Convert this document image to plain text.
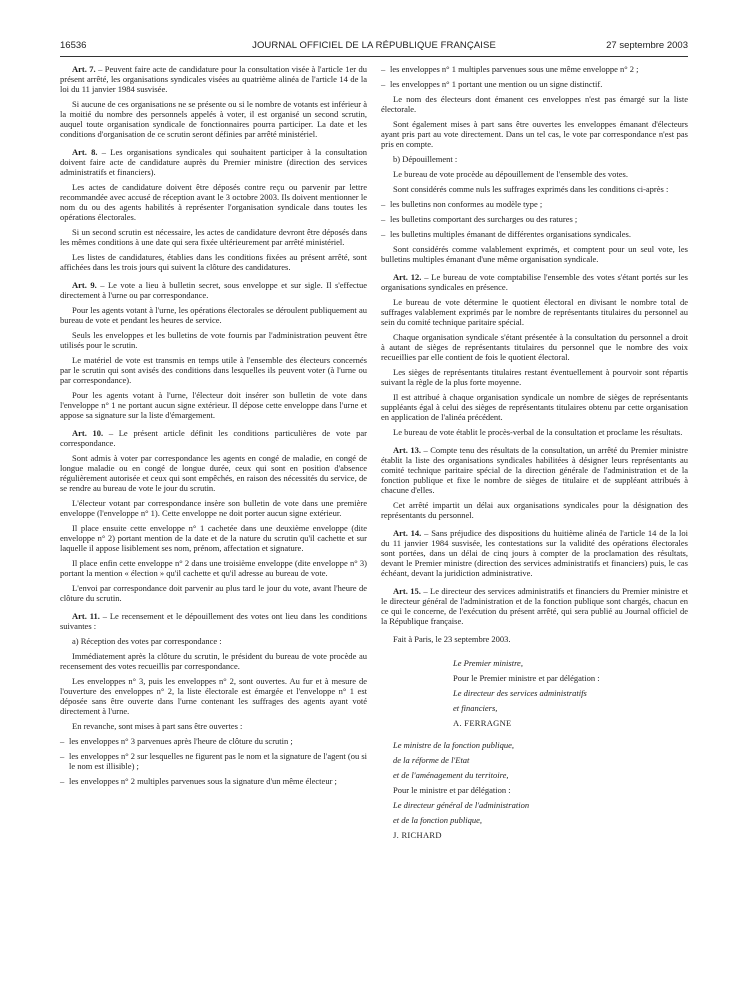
16536	JOURNAL OFFICIEL DE LA RÉPUBLIQUE FRANÇAISE	27 septembre 2003

Art. 7. – Peuvent faire acte de candidature pour la consultation visée à l'article 1er du présent arrêté, les organisations syndicales visées au quatrième alinéa de l'article 14 de la loi du 11 janvier 1984 susvisée.

Si aucune de ces organisations ne se présente ou si le nombre de votants est inférieur à la moitié du nombre des personnels appelés à voter, il est organisé un second scrutin, auquel toute organisation syndicale de fonctionnaires pourra participer. La date et les conditions d'organisation de ce scrutin seront définies par arrêté ministériel.

Art. 8. – Les organisations syndicales qui souhaitent participer à la consultation doivent faire acte de candidature auprès du Premier ministre (direction des services administratifs et financiers).

Les actes de candidature doivent être déposés contre reçu ou parvenir par lettre recommandée avec accusé de réception avant le 3 octobre 2003. Ils doivent mentionner le nom du ou des agents habilités à représenter l'organisation syndicale dans toutes les opérations électorales.

Si un second scrutin est nécessaire, les actes de candidature devront être déposés dans les mêmes conditions à une date qui sera fixée ultérieurement par arrêté ministériel.

Les listes de candidatures, établies dans les conditions fixées au présent arrêté, sont affichées dans les trois jours qui suivent la clôture des candidatures.

Art. 9. – Le vote a lieu à bulletin secret, sous enveloppe et sur sigle. Il s'effectue directement à l'urne ou par correspondance.

Pour les agents votant à l'urne, les opérations électorales se déroulent publiquement au bureau de vote et pendant les heures de service.

Seuls les enveloppes et les bulletins de vote fournis par l'administration peuvent être utilisés pour le scrutin.

Le matériel de vote est transmis en temps utile à l'ensemble des électeurs concernés par le scrutin qui sont avisés des conditions dans lesquelles ils peuvent voter (à l'urne ou par correspondance).

Pour les agents votant à l'urne, l'électeur doit insérer son bulletin de vote dans l'enveloppe n° 1 ne portant aucun signe extérieur. Il dépose cette enveloppe dans l'urne et appose sa signature sur la liste d'émargement.

Art. 10. – Le présent article définit les conditions particulières de vote par correspondance.

Sont admis à voter par correspondance les agents en congé de maladie, en congé de longue maladie ou en congé de longue durée, ceux qui sont en position d'absence régulièrement autorisée et ceux qui sont empêchés, en raison des nécessités du service, de se rendre au bureau de vote le jour du scrutin.

L'électeur votant par correspondance insère son bulletin de vote dans une première enveloppe (l'enveloppe n° 1). Cette enveloppe ne doit porter aucun signe extérieur.

Il place ensuite cette enveloppe n° 1 cachetée dans une deuxième enveloppe (dite enveloppe n° 2) portant mention de la date et de la nature du scrutin qu'il cachette et sur laquelle il appose lisiblement ses nom, prénom, affectation et signature.

Il place enfin cette enveloppe n° 2 dans une troisième enveloppe (dite enveloppe n° 3) portant la mention « élection » qu'il cachette et qu'il adresse au bureau de vote.

L'envoi par correspondance doit parvenir au plus tard le jour du vote, avant l'heure de clôture du scrutin.

Art. 11. – Le recensement et le dépouillement des votes ont lieu dans les conditions suivantes :

a) Réception des votes par correspondance :

Immédiatement après la clôture du scrutin, le président du bureau de vote procède au recensement des votes recueillis par correspondance.

Les enveloppes n° 3, puis les enveloppes n° 2, sont ouvertes. Au fur et à mesure de l'ouverture des enveloppes n° 2, la liste électorale est émargée et l'enveloppe n° 1 est déposée sans être ouverte dans l'urne contenant les suffrages des agents ayant voté directement à l'urne.

En revanche, sont mises à part sans être ouvertes :

– les enveloppes n° 3 parvenues après l'heure de clôture du scrutin ;

– les enveloppes n° 2 sur lesquelles ne figurent pas le nom et la signature de l'agent (ou si le nom est illisible) ;

– les enveloppes n° 2 multiples parvenues sous la signature d'un même électeur ;

– les enveloppes n° 1 multiples parvenues sous une même enveloppe n° 2 ;

– les enveloppes n° 1 portant une mention ou un signe distinctif.

Le nom des électeurs dont émanent ces enveloppes n'est pas émargé sur la liste électorale.

Sont également mises à part sans être ouvertes les enveloppes émanant d'électeurs ayant pris part au vote directement. Dans un tel cas, le vote par correspondance n'est pas pris en compte.

b) Dépouillement :

Le bureau de vote procède au dépouillement de l'ensemble des votes.

Sont considérés comme nuls les suffrages exprimés dans les conditions ci-après :

– les bulletins non conformes au modèle type ;

– les bulletins comportant des surcharges ou des ratures ;

– les bulletins multiples émanant de différentes organisations syndicales.

Sont considérés comme valablement exprimés, et comptent pour un seul vote, les bulletins multiples émanant d'une même organisation syndicale.

Art. 12. – Le bureau de vote comptabilise l'ensemble des votes s'étant portés sur les organisations syndicales en présence.

Le bureau de vote détermine le quotient électoral en divisant le nombre total de suffrages valablement exprimés par le nombre de représentants titulaires du personnel au sein du comité technique paritaire spécial.

Chaque organisation syndicale s'étant présentée à la consultation du personnel a droit à autant de sièges de représentants titulaires du personnel que le nombre des voix recueillies par elle contient de fois le quotient électoral.

Les sièges de représentants titulaires restant éventuellement à pourvoir sont répartis suivant la règle de la plus forte moyenne.

Il est attribué à chaque organisation syndicale un nombre de sièges de représentants suppléants égal à celui des sièges de représentants titulaires obtenu par cette organisation en application de l'alinéa précédent.

Le bureau de vote établit le procès-verbal de la consultation et proclame les résultats.

Art. 13. – Compte tenu des résultats de la consultation, un arrêté du Premier ministre établit la liste des organisations syndicales habilitées à désigner leurs représentants au comité technique paritaire spécial de la direction générale de l'administration et de la fonction publique et fixe le nombre de sièges de titulaire et de suppléant attribués à chacune d'elles.

Cet arrêté impartit un délai aux organisations syndicales pour la désignation des représentants du personnel.

Art. 14. – Sans préjudice des dispositions du huitième alinéa de l'article 14 de la loi du 11 janvier 1984 susvisée, les contestations sur la validité des opérations électorales sont portées, dans un délai de cinq jours à compter de la proclamation des résultats, devant le Premier ministre (direction des services administratifs et financiers) puis, le cas échéant, devant la juridiction administrative.

Art. 15. – Le directeur des services administratifs et financiers du Premier ministre et le directeur général de l'administration et de la fonction publique sont chargés, chacun en ce qui le concerne, de l'exécution du présent arrêté, qui sera publié au Journal officiel de la République française.

Fait à Paris, le 23 septembre 2003.

Le Premier ministre,

Pour le Premier ministre et par délégation :

Le directeur des services administratifs

et financiers,

A. FERRAGNE

Le ministre de la fonction publique,

de la réforme de l'Etat

et de l'aménagement du territoire,

Pour le ministre et par délégation :

Le directeur général de l'administration

et de la fonction publique,

J. RICHARD
